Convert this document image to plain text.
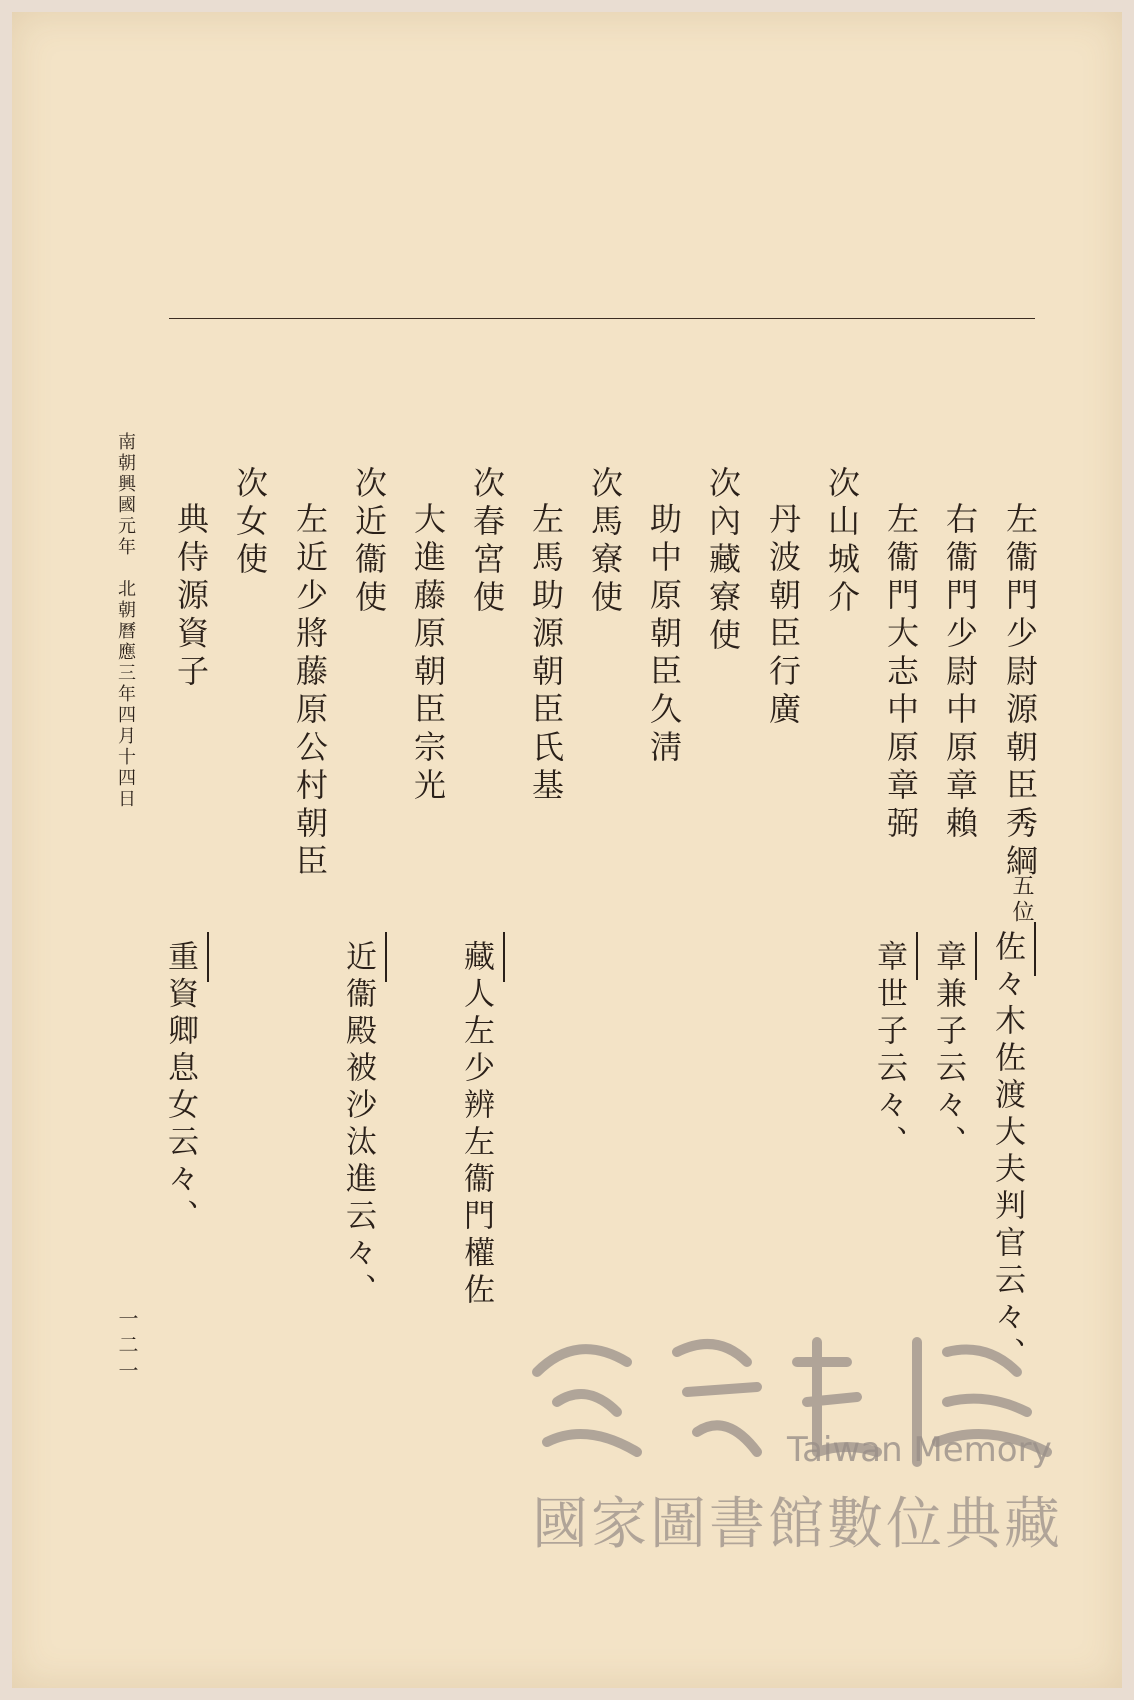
左衞門少尉源朝臣秀綱
五位
右衞門少尉中原章賴
左衞門大志中原章弼
次山城介
丹波朝臣行廣
次內藏寮使
助中原朝臣久淸
次馬寮使
左馬助源朝臣氏基
次春宮使
大進藤原朝臣宗光
次近衞使
左近少將藤原公村朝臣
次女使
典侍源資子
佐々木佐渡大夫判官云々、
章兼子云々、
章世子云々、
藏人左少辨左衞門權佐
近衞殿被沙汰進云々、
重資卿息女云々、
南朝興國元年　北朝曆應三年四月十四日
一二一
Taiwan Memory
國家圖書館數位典藏
